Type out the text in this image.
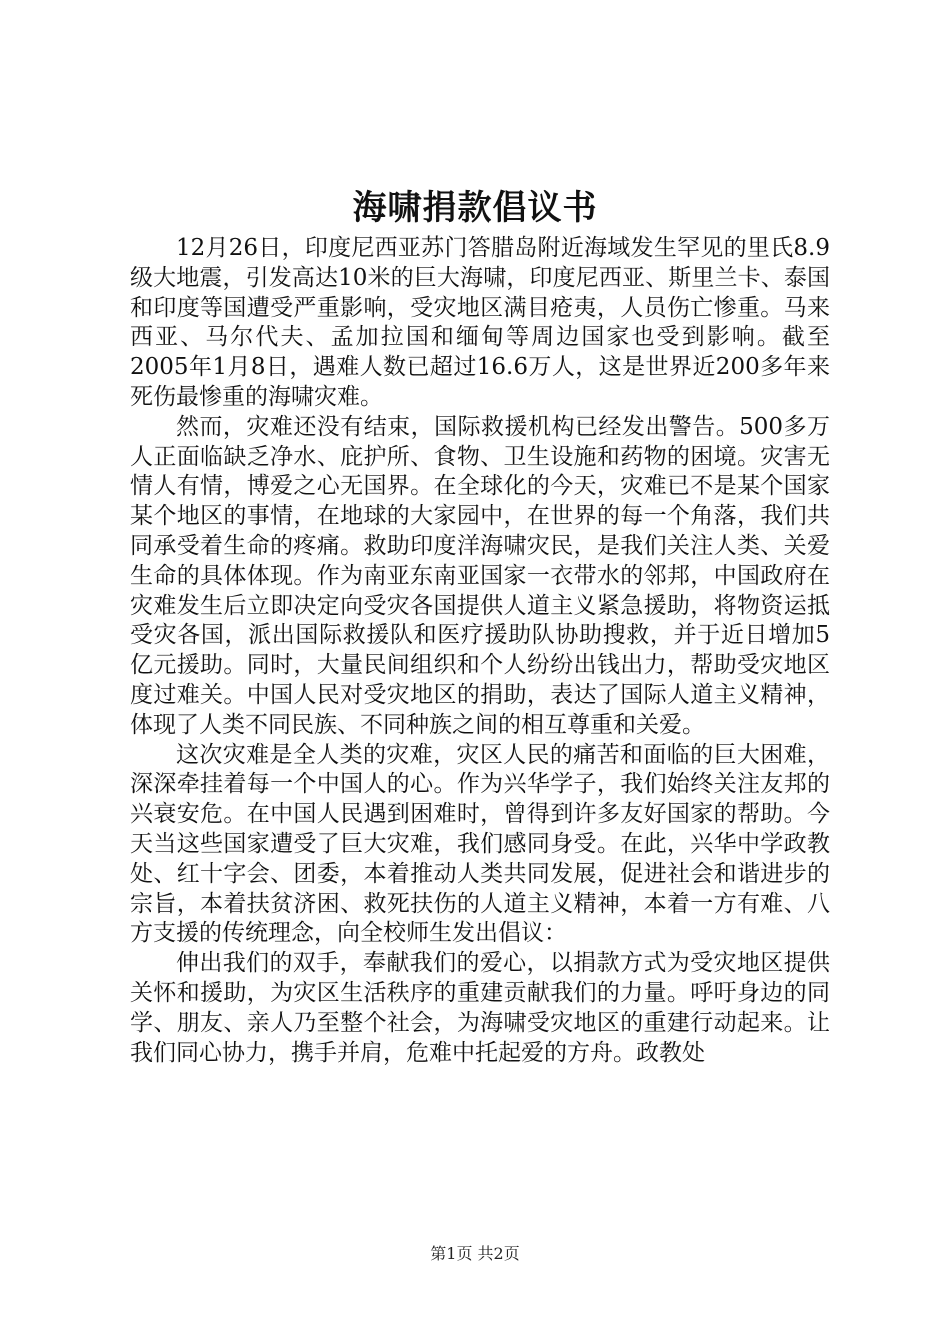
海啸捐款倡议书

12月26日，印度尼西亚苏门答腊岛附近海域发生罕见的里氏8.9级大地震，引发高达10米的巨大海啸，印度尼西亚、斯里兰卡、泰国和印度等国遭受严重影响，受灾地区满目疮夷，人员伤亡惨重。马来西亚、马尔代夫、孟加拉国和缅甸等周边国家也受到影响。截至2005年1月8日，遇难人数已超过16.6万人，这是世界近200多年来死伤最惨重的海啸灾难。

然而，灾难还没有结束，国际救援机构已经发出警告。500多万人正面临缺乏净水、庇护所、食物、卫生设施和药物的困境。灾害无情人有情，博爱之心无国界。在全球化的今天，灾难已不是某个国家某个地区的事情，在地球的大家园中，在世界的每一个角落，我们共同承受着生命的疼痛。救助印度洋海啸灾民，是我们关注人类、关爱生命的具体体现。作为南亚东南亚国家一衣带水的邻邦，中国政府在灾难发生后立即决定向受灾各国提供人道主义紧急援助，将物资运抵受灾各国，派出国际救援队和医疗援助队协助搜救，并于近日增加5亿元援助。同时，大量民间组织和个人纷纷出钱出力，帮助受灾地区度过难关。中国人民对受灾地区的捐助，表达了国际人道主义精神，体现了人类不同民族、不同种族之间的相互尊重和关爱。

这次灾难是全人类的灾难，灾区人民的痛苦和面临的巨大困难，深深牵挂着每一个中国人的心。作为兴华学子，我们始终关注友邦的兴衰安危。在中国人民遇到困难时，曾得到许多友好国家的帮助。今天当这些国家遭受了巨大灾难，我们感同身受。在此，兴华中学政教处、红十字会、团委，本着推动人类共同发展，促进社会和谐进步的宗旨，本着扶贫济困、救死扶伤的人道主义精神，本着一方有难、八方支援的传统理念，向全校师生发出倡议：

伸出我们的双手，奉献我们的爱心，以捐款方式为受灾地区提供关怀和援助，为灾区生活秩序的重建贡献我们的力量。呼吁身边的同学、朋友、亲人乃至整个社会，为海啸受灾地区的重建行动起来。让我们同心协力，携手并肩，危难中托起爱的方舟。政教处

第1页 共2页
